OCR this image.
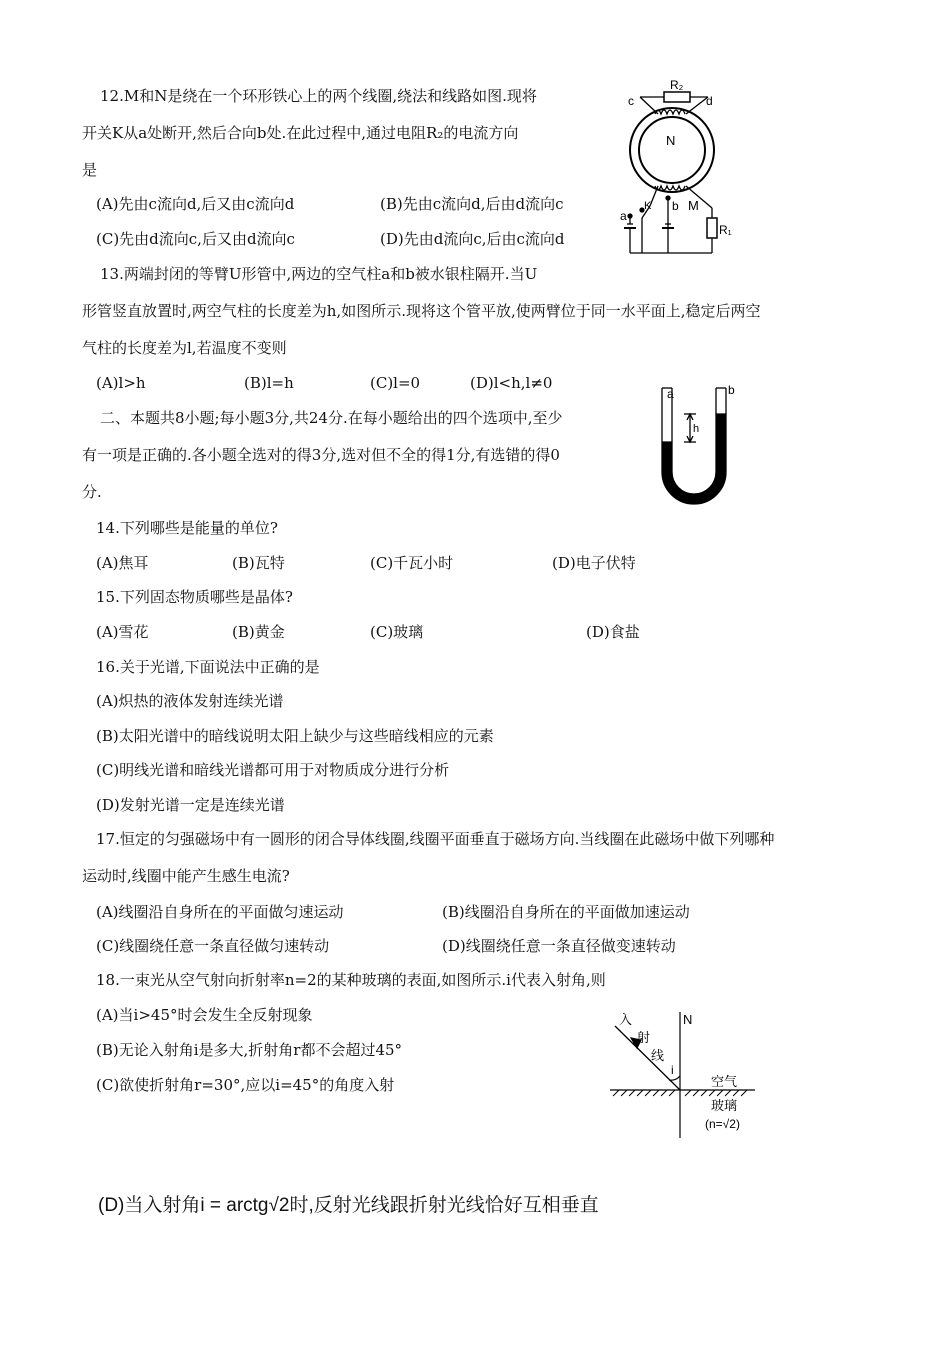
12.M和N是绕在一个环形铁心上的两个线圈,绕法和线路如图.现将
开关K从a处断开,然后合向b处.在此过程中,通过电阻R₂的电流方向
是
(A)先由c流向d,后又由c流向d	(B)先由c流向d,后由d流向c
(C)先由d流向c,后又由d流向c	(D)先由d流向c,后由c流向d
c
R₂
d
N
M
K
a
b
R₁
13.两端封闭的等臂U形管中,两边的空气柱a和b被水银柱隔开.当U
形管竖直放置时,两空气柱的长度差为h,如图所示.现将这个管平放,使两臂位于同一水平面上,稳定后两空
气柱的长度差为l,若温度不变则
(A)l>h	(B)l=h	(C)l=0	(D)l<h,l≠0
a	b
h
二、本题共8小题;每小题3分,共24分.在每小题给出的四个选项中,至少
有一项是正确的.各小题全选对的得3分,选对但不全的得1分,有选错的得0
分.
14.下列哪些是能量的单位?
(A)焦耳	(B)瓦特	(C)千瓦小时	(D)电子伏特
15.下列固态物质哪些是晶体?
(A)雪花	(B)黄金	(C)玻璃	(D)食盐
16.关于光谱,下面说法中正确的是
(A)炽热的液体发射连续光谱
(B)太阳光谱中的暗线说明太阳上缺少与这些暗线相应的元素
(C)明线光谱和暗线光谱都可用于对物质成分进行分析
(D)发射光谱一定是连续光谱
17.恒定的匀强磁场中有一圆形的闭合导体线圈,线圈平面垂直于磁场方向.当线圈在此磁场中做下列哪种
运动时,线圈中能产生感生电流?
(A)线圈沿自身所在的平面做匀速运动	(B)线圈沿自身所在的平面做加速运动
(C)线圈绕任意一条直径做匀速转动	(D)线圈绕任意一条直径做变速转动
18.一束光从空气射向折射率n=2的某种玻璃的表面,如图所示.i代表入射角,则
(A)当i>45°时会发生全反射现象
(B)无论入射角i是多大,折射角r都不会超过45°
(C)欲使折射角r=30°,应以i=45°的角度入射
N
入
射
线
i
空气
玻璃
(n=√2)
(D)当入射角i = arctg√2时,反射光线跟折射光线恰好互相垂直
